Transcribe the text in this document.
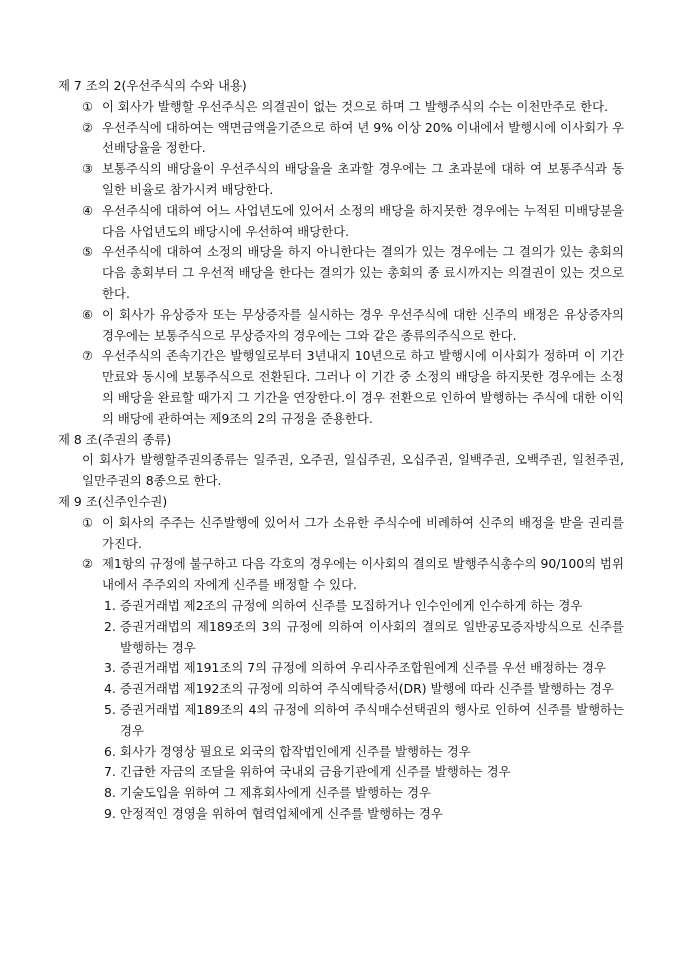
제 7 조의 2(우선주식의 수와 내용)

① 이 회사가 발행할 우선주식은 의결권이 없는 것으로 하며 그 발행주식의 수는 이천만주로 한다.

② 우선주식에 대하여는 액면금액을기준으로 하여 년 9% 이상 20% 이내에서 발행시에 이사회가 우선배당율을 정한다.

③ 보통주식의 배당율이 우선주식의 배당율을 초과할 경우에는 그 초과분에 대하 여 보통주식과 동일한 비율로 참가시켜 배당한다.

④ 우선주식에 대하여 어느 사업년도에 있어서 소정의 배당을 하지못한 경우에는 누적된 미배당분을 다음 사업년도의 배당시에 우선하여 배당한다.

⑤ 우선주식에 대하여 소정의 배당을 하지 아니한다는 결의가 있는 경우에는 그 결의가 있는 총회의 다음 총회부터 그 우선적 배당을 한다는 결의가 있는 총회의 종 료시까지는 의결권이 있는 것으로 한다.

⑥ 이 회사가 유상증자 또는 무상증자를 실시하는 경우 우선주식에 대한 신주의 배정은 유상증자의 경우에는 보통주식으로 무상증자의 경우에는 그와 같은 종류의주식으로 한다.

⑦ 우선주식의 존속기간은 발행일로부터 3년내지 10년으로 하고 발행시에 이사회가 정하며 이 기간 만료와 동시에 보통주식으로 전환된다. 그러나 이 기간 중 소정의 배당을 하지못한 경우에는 소정의 배당을 완료할 때가지 그 기간을 연장한다.이 경우 전환으로 인하여 발행하는 주식에 대한 이익의 배당에 관하여는 제9조의 2의 규정을 준용한다.

제 8 조(주권의 종류)

이 회사가 발행할주권의종류는 일주권, 오주권, 일십주권, 오십주권, 일백주권, 오백주권, 일천주권, 일만주권의 8종으로 한다.

제 9 조(신주인수권)

① 이 회사의 주주는 신주발행에 있어서 그가 소유한 주식수에 비례하여 신주의 배정을 받을 권리를 가진다.

② 제1항의 규정에 불구하고 다음 각호의 경우에는 이사회의 결의로 발행주식총수의 90/100의 범위내에서 주주외의 자에게 신주를 배정할 수 있다.

1. 증권거래법 제2조의 규정에 의하여 신주를 모집하거나 인수인에게 인수하게 하는 경우

2. 증권거래법의 제189조의 3의 규정에 의하여 이사회의 결의로 일반공모증자방식으로 신주를 발행하는 경우

3. 증권거래법 제191조의 7의 규정에 의하여 우리사주조합원에게 신주를 우선 배정하는 경우

4. 증권거래법 제192조의 규정에 의하여 주식예탁증서(DR) 발행에 따라 신주를 발행하는 경우

5. 증권거래법 제189조의 4의 규정에 의하여 주식매수선택권의 행사로 인하여 신주를 발행하는 경우

6. 회사가 경영상 필요로 외국의 합작법인에게 신주를 발행하는 경우

7. 긴급한 자금의 조달을 위하여 국내외 금융기관에게 신주를 발행하는 경우

8. 기술도입을 위하여 그 제휴회사에게 신주를 발행하는 경우

9. 안정적인 경영을 위하여 협력업체에게 신주를 발행하는 경우
